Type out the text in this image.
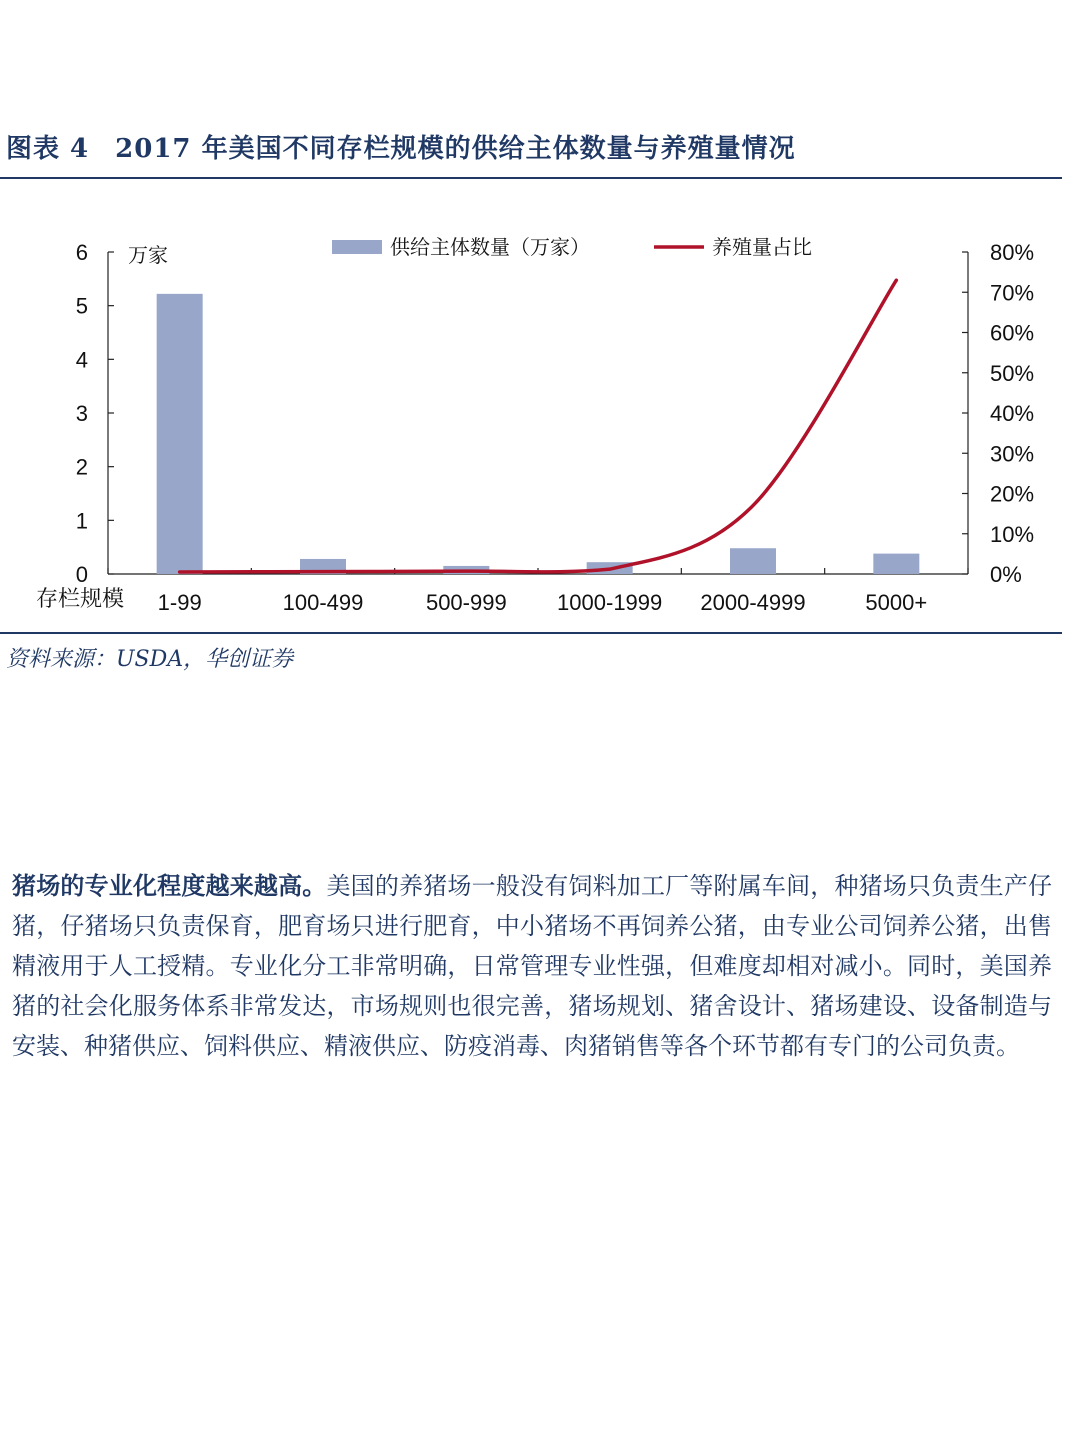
图表 4 2017 年美国不同存栏规模的供给主体数量与养殖量情况
0
1
2
3
4
5
6
0%
10%
20%
30%
40%
50%
60%
70%
80%
万家
存栏规模 1-99	100-499	500-999 1000-1999 2000-4999	5000+
供给主体数量（万家）	养殖量占比
资料来源：USDA，华创证券
猪场的专业化程度越来越高。美国的养猪场一般没有饲料加工厂等附属车间，种猪场只负责生产仔猪，仔猪场只负责保育，肥育场只进行肥育，中小猪场不再饲养公猪，由专业公司饲养公猪，出售精液用于人工授精。专业化分工非常明确，日常管理专业性强，但难度却相对减小。同时，美国养猪的社会化服务体系非常发达，市场规则也很完善，猪场规划、猪舍设计、猪场建设、设备制造与安装、种猪供应、饲料供应、精液供应、防疫消毒、肉猪销售等各个环节都有专门的公司负责。
